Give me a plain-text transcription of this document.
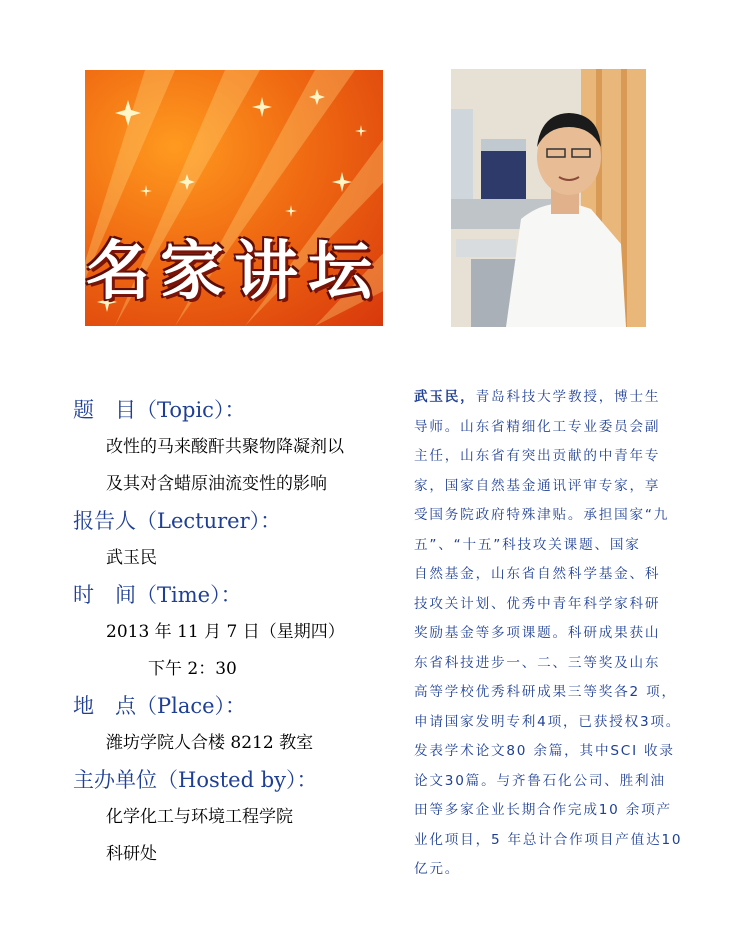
名家讲坛
题　目（Topic）：
改性的马来酸酐共聚物降凝剂以
及其对含蜡原油流变性的影响
报告人（Lecturer）：
武玉民
时　间（Time）：
2013 年 11 月 7 日（星期四）
下午 2：30
地　点（Place）：
潍坊学院人合楼 8212 教室
主办单位（Hosted by）：
化学化工与环境工程学院
科研处
武玉民，青岛科技大学教授，博士生
导师。山东省精细化工专业委员会副
主任，山东省有突出贡献的中青年专
家，国家自然基金通讯评审专家，享
受国务院政府特殊津贴。承担国家“九
五”、“十五”科技攻关课题、国家
自然基金，山东省自然科学基金、科
技攻关计划、优秀中青年科学家科研
奖励基金等多项课题。科研成果获山
东省科技进步一、二、三等奖及山东
高等学校优秀科研成果三等奖各2 项，
申请国家发明专利4项，已获授权3项。
发表学术论文80 余篇，其中SCI 收录
论文30篇。与齐鲁石化公司、胜利油
田等多家企业长期合作完成10 余项产
业化项目，5 年总计合作项目产值达10
亿元。
